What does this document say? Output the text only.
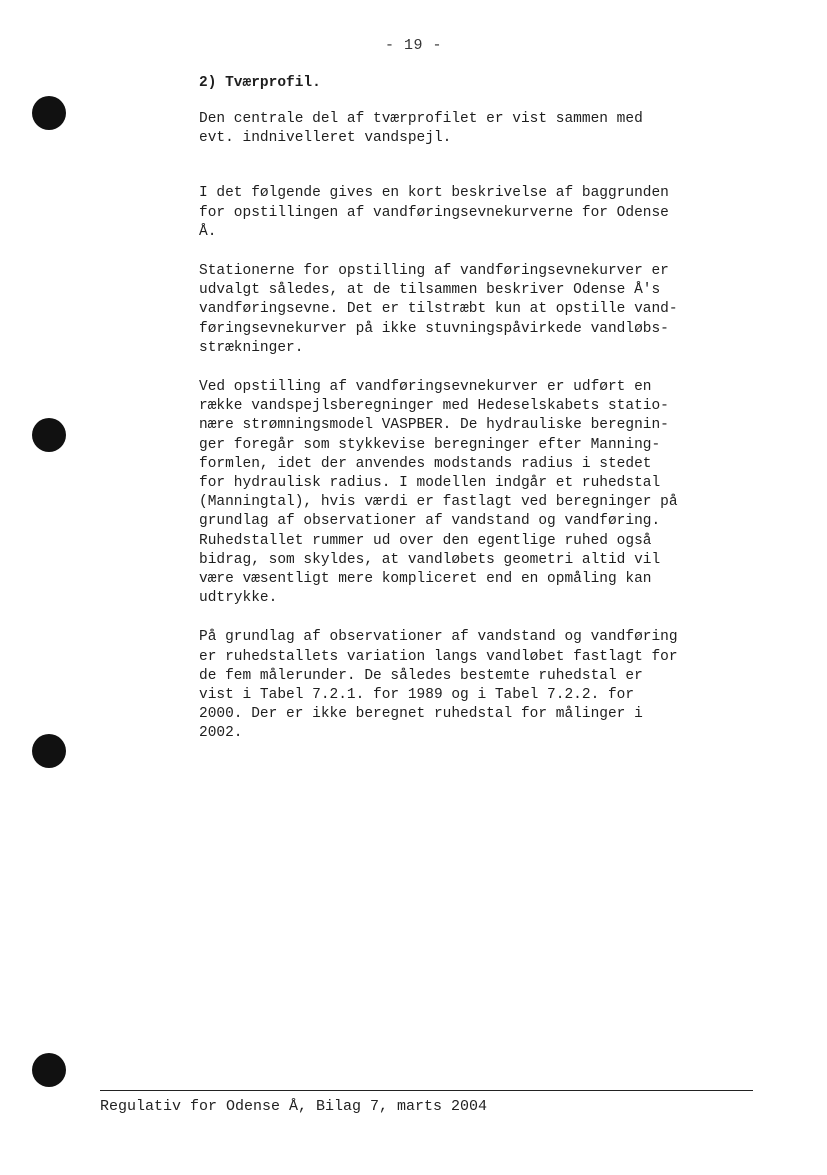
- 19 -

2) Tværprofil.

Den centrale del af tværprofilet er vist sammen med
evt. indnivelleret vandspejl.

I det følgende gives en kort beskrivelse af baggrunden
for opstillingen af vandføringsevnekurverne for Odense
Å.

Stationerne for opstilling af vandføringsevnekurver er
udvalgt således, at de tilsammen beskriver Odense Å's
vandføringsevne. Det er tilstræbt kun at opstille vand-
føringsevnekurver på ikke stuvningspåvirkede vandløbs-
strækninger.

Ved opstilling af vandføringsevnekurver er udført en
række vandspejlsberegninger med Hedeselskabets statio-
nære strømningsmodel VASPBER. De hydrauliske beregnin-
ger foregår som stykkevise beregninger efter Manning-
formlen, idet der anvendes modstands radius i stedet
for hydraulisk radius. I modellen indgår et ruhedstal
(Manningtal), hvis værdi er fastlagt ved beregninger på
grundlag af observationer af vandstand og vandføring.
Ruhedstallet rummer ud over den egentlige ruhed også
bidrag, som skyldes, at vandløbets geometri altid vil
være væsentligt mere kompliceret end en opmåling kan
udtrykke.

På grundlag af observationer af vandstand og vandføring
er ruhedstallets variation langs vandløbet fastlagt for
de fem målerunder. De således bestemte ruhedstal er
vist i Tabel 7.2.1. for 1989 og i Tabel 7.2.2. for
2000. Der er ikke beregnet ruhedstal for målinger i
2002.

Regulativ for Odense Å, Bilag 7, marts 2004
